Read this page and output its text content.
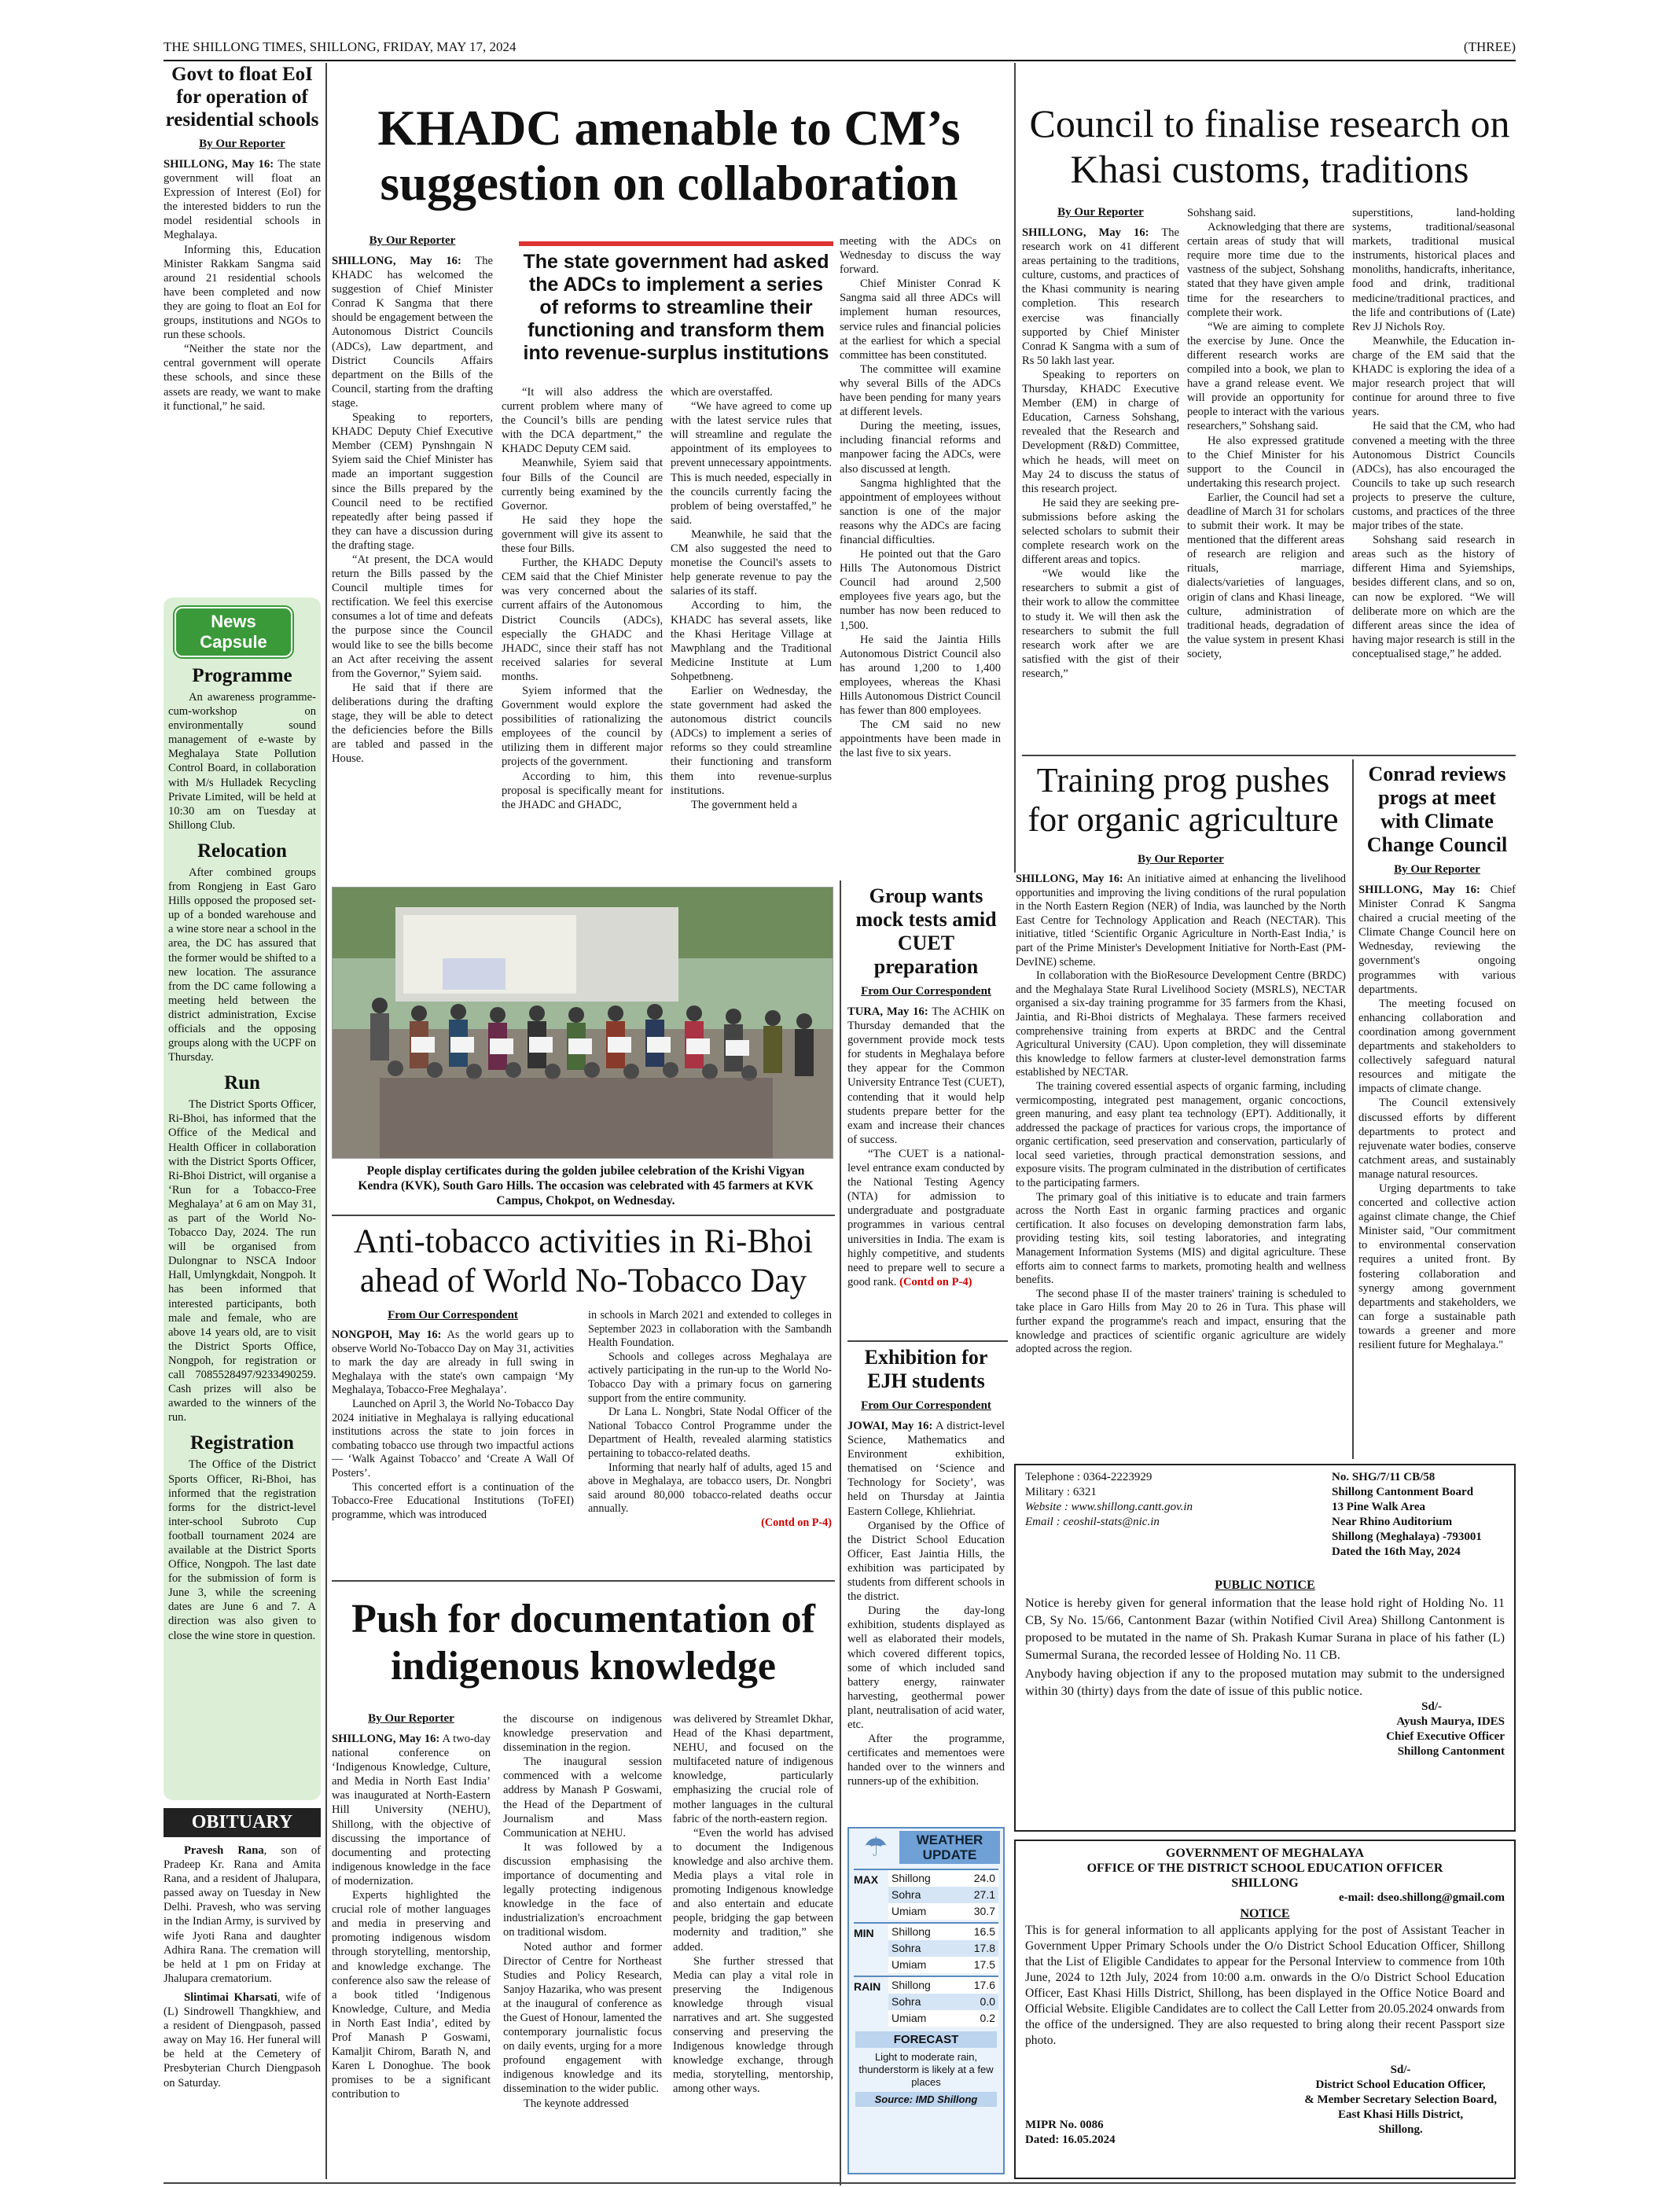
THE SHILLONG TIMES, SHILLONG, FRIDAY, MAY 17, 2024	(THREE)
Govt to float EoI for operation of residential schools
By Our Reporter

SHILLONG, May 16: The state government will float an Expression of Interest (EoI) for the interested bidders to run the model residential schools in Meghalaya.

Informing this, Education Minister Rakkam Sangma said around 21 residential schools have been completed and now they are going to float an EoI for groups, institutions and NGOs to run these schools.

“Neither the state nor the central government will operate these schools, and since these assets are ready, we want to make it functional,” he said.

News Capsule
Programme

An awareness programme-cum-workshop on environmentally sound management of e-waste by Meghalaya State Pollution Control Board, in collaboration with M/s Hulladek Recycling Private Limited, will be held at 10:30 am on Tuesday at Shillong Club.

Relocation

After combined groups from Rongjeng in East Garo Hills opposed the proposed set-up of a bonded warehouse and a wine store near a school in the area, the DC has assured that the former would be shifted to a new location. The assurance from the DC came following a meeting held between the district administration, Excise officials and the opposing groups along with the UCPF on Thursday.

Run

The District Sports Officer, Ri-Bhoi, has informed that the Office of the Medical and Health Officer in collaboration with the District Sports Officer, Ri-Bhoi District, will organise a ‘Run for a Tobacco-Free Meghalaya’ at 6 am on May 31, as part of the World No-Tobacco Day, 2024. The run will be organised from Dulongnar to NSCA Indoor Hall, Umlyngkdait, Nongpoh. It has been informed that interested participants, both male and female, who are above 14 years old, are to visit the District Sports Office, Nongpoh, for registration or call 7085528497/9233490259. Cash prizes will also be awarded to the winners of the run.

Registration

The Office of the District Sports Officer, Ri-Bhoi, has informed that the registration forms for the district-level inter-school Subroto Cup football tournament 2024 are available at the District Sports Office, Nongpoh. The last date for the submission of form is June 3, while the screening dates are June 6 and 7. A direction was also given to close the wine store in question.

OBITUARY

Pravesh Rana, son of Pradeep Kr. Rana and Amita Rana, and a resident of Jhalupara, passed away on Tuesday in New Delhi. Pravesh, who was serving in the Indian Army, is survived by wife Jyoti Rana and daughter Adhira Rana. The cremation will be held at 1 pm on Friday at Jhalupara crematorium.

Slintimai Kharsati, wife of (L) Sindrowell Thangkhiew, and a resident of Diengpasoh, passed away on May 16. Her funeral will be held at the Cemetery of Presbyterian Church Diengpasoh on Saturday.

KHADC amenable to CM’s suggestion on collaboration
By Our Reporter

SHILLONG, May 16: The KHADC has welcomed the suggestion of Chief Minister Conrad K Sangma that there should be engagement between the Autonomous District Councils (ADCs), Law department, and District Councils Affairs department on the Bills of the Council, starting from the drafting stage.

Speaking to reporters, KHADC Deputy Chief Executive Member (CEM) Pynshngain N Syiem said the Chief Minister has made an important suggestion since the Bills prepared by the Council need to be rectified repeatedly after being passed if they can have a discussion during the drafting stage.

“At present, the DCA would return the Bills passed by the Council multiple times for rectification. We feel this exercise consumes a lot of time and defeats the purpose since the Council would like to see the bills become an Act after receiving the assent from the Governor,” Syiem said.

He said that if there are deliberations during the drafting stage, they will be able to detect the deficiencies before the Bills are tabled and passed in the House.

The state government had asked the ADCs to implement a series of reforms to streamline their functioning and transform them into revenue-surplus institutions

“It will also address the current problem where many of the Council’s bills are pending with the DCA department,” the KHADC Deputy CEM said.

Meanwhile, Syiem said that four Bills of the Council are currently being examined by the Governor.

He said they hope the government will give its assent to these four Bills.

Further, the KHADC Deputy CEM said that the Chief Minister was very concerned about the current affairs of the Autonomous District Councils (ADCs), especially the GHADC and JHADC, since their staff has not received salaries for several months.

Syiem informed that the Government would explore the possibilities of rationalizing the employees of the council by utilizing them in different major projects of the government.

According to him, this proposal is specifically meant for the JHADC and GHADC,

which are overstaffed.

“We have agreed to come up with the latest service rules that will streamline and regulate the appointment of its employees to prevent unnecessary appointments. This is much needed, especially in the councils currently facing the problem of being overstaffed,” he said.

Meanwhile, he said that the CM also suggested the need to monetise the Council's assets to help generate revenue to pay the salaries of its staff.

According to him, the KHADC has several assets, like the Khasi Heritage Village at Mawphlang and the Traditional Medicine Institute at Lum Sohpetbneng.

Earlier on Wednesday, the state government had asked the autonomous district councils (ADCs) to implement a series of reforms so they could streamline their functioning and transform them into revenue-surplus institutions.

The government held a

meeting with the ADCs on Wednesday to discuss the way forward.

Chief Minister Conrad K Sangma said all three ADCs will implement human resources, service rules and financial policies at the earliest for which a special committee has been constituted.

The committee will examine why several Bills of the ADCs have been pending for many years at different levels.

During the meeting, issues, including financial reforms and manpower facing the ADCs, were also discussed at length.

Sangma highlighted that the appointment of employees without sanction is one of the major reasons why the ADCs are facing financial difficulties.

He pointed out that the Garo Hills The Autonomous District Council had around 2,500 employees five years ago, but the number has now been reduced to 1,500.

He said the Jaintia Hills Autonomous District Council also has around 1,200 to 1,400 employees, whereas the Khasi Hills Autonomous District Council has fewer than 800 employees.

The CM said no new appointments have been made in the last five to six years.

Council to finalise research on Khasi customs, traditions
By Our Reporter

SHILLONG, May 16: The research work on 41 different areas pertaining to the traditions, culture, customs, and practices of the Khasi community is nearing completion. This research exercise was financially supported by Chief Minister Conrad K Sangma with a sum of Rs 50 lakh last year.

Speaking to reporters on Thursday, KHADC Executive Member (EM) in charge of Education, Carness Sohshang, revealed that the Research and Development (R&D) Committee, which he heads, will meet on May 24 to discuss the status of this research project.

He said they are seeking pre-submissions before asking the selected scholars to submit their complete research work on the different areas and topics.

“We would like the researchers to submit a gist of their work to allow the committee to study it. We will then ask the researchers to submit the full research work after we are satisfied with the gist of their research,”

Sohshang said.

Acknowledging that there are certain areas of study that will require more time due to the vastness of the subject, Sohshang stated that they have given ample time for the researchers to complete their work.

“We are aiming to complete the exercise by June. Once the different research works are compiled into a book, we plan to have a grand release event. We will provide an opportunity for people to interact with the various researchers,” Sohshang said.

He also expressed gratitude to the Chief Minister for his support to the Council in undertaking this research project.

Earlier, the Council had set a deadline of March 31 for scholars to submit their work. It may be mentioned that the different areas of research are religion and rituals, marriage, dialects/varieties of languages, origin of clans and Khasi lineage, culture, administration of traditional heads, degradation of the value system in present Khasi society,

superstitions, land-holding systems, traditional/seasonal markets, traditional musical instruments, historical places and monoliths, handicrafts, inheritance, food and drink, traditional medicine/traditional practices, and the life and contributions of (Late) Rev JJ Nichols Roy.

Meanwhile, the Education in-charge of the EM said that the KHADC is exploring the idea of a major research project that will continue for around three to five years.

He said that the CM, who had convened a meeting with the three Autonomous District Councils (ADCs), has also encouraged the Councils to take up such research projects to preserve the culture, customs, and practices of the three major tribes of the state.

Sohshang said research in areas such as the history of different Hima and Syiemships, besides different clans, and so on, can now be explored. “We will deliberate more on which are the different areas since the idea of having major research is still in the conceptualised stage,” he added.

People display certificates during the golden jubilee celebration of the Krishi Vigyan Kendra (KVK), South Garo Hills. The occasion was celebrated with 45 farmers at KVK Campus, Chokpot, on Wednesday.
Group wants mock tests amid CUET preparation
From Our Correspondent

TURA, May 16: The ACHIK on Thursday demanded that the government provide mock tests for students in Meghalaya before they appear for the Common University Entrance Test (CUET), contending that it would help students prepare better for the exam and increase their chances of success.

“The CUET is a national-level entrance exam conducted by the National Testing Agency (NTA) for admission to undergraduate and postgraduate programmes in various central universities in India. The exam is highly competitive, and students need to prepare well to secure a good rank. (Contd on P-4)

Exhibition for EJH students
From Our Correspondent

JOWAI, May 16: A district-level Science, Mathematics and Environment exhibition, thematised on ‘Science and Technology for Society’, was held on Thursday at Jaintia Eastern College, Khliehriat.

Organised by the Office of the District School Education Officer, East Jaintia Hills, the exhibition was participated by students from different schools in the district.

During the day-long exhibition, students displayed as well as elaborated their models, which covered different topics, some of which included sand battery energy, rainwater harvesting, geothermal power plant, neutralisation of acid water, etc.

After the programme, certificates and mementoes were handed over to the winners and runners-up of the exhibition.

☂	WEATHER
UPDATE
MAX	Shillong	24.0
Sohra	27.1
Umiam	30.7
MIN	Shillong	16.5
Sohra	17.8
Umiam	17.5
RAIN Shillong	17.6
Sohra	0.0
Umiam	0.2
FORECAST
Light to moderate rain, thunderstorm is likely at a few places
Source: IMD Shillong
Training prog pushes for organic agriculture
By Our Reporter

SHILLONG, May 16: An initiative aimed at enhancing the livelihood opportunities and improving the living conditions of the rural population in the North Eastern Region (NER) of India, was launched by the North East Centre for Technology Application and Reach (NECTAR). This initiative, titled ‘Scientific Organic Agriculture in North-East India,’ is part of the Prime Minister's Development Initiative for North-East (PM-DevINE) scheme.

In collaboration with the BioResource Development Centre (BRDC) and the Meghalaya State Rural Livelihood Society (MSRLS), NECTAR organised a six-day training programme for 35 farmers from the Khasi, Jaintia, and Ri-Bhoi districts of Meghalaya. These farmers received comprehensive training from experts at BRDC and the Central Agricultural University (CAU). Upon completion, they will disseminate this knowledge to fellow farmers at cluster-level demonstration farms established by NECTAR.

The training covered essential aspects of organic farming, including vermicomposting, integrated pest management, organic concoctions, green manuring, and easy plant tea technology (EPT). Additionally, it addressed the package of practices for various crops, the importance of organic certification, seed preservation and conservation, particularly of local seed varieties, through practical demonstration sessions, and exposure visits. The program culminated in the distribution of certificates to the participating farmers.

The primary goal of this initiative is to educate and train farmers across the North East in organic farming practices and organic certification. It also focuses on developing demonstration farm labs, providing testing kits, soil testing laboratories, and integrating Management Information Systems (MIS) and digital agriculture. These efforts aim to connect farms to markets, promoting health and wellness benefits.

The second phase II of the master trainers' training is scheduled to take place in Garo Hills from May 20 to 26 in Tura. This phase will further expand the programme's reach and impact, ensuring that the knowledge and practices of scientific organic agriculture are widely adopted across the region.

Conrad reviews progs at meet with Climate Change Council
By Our Reporter

SHILLONG, May 16: Chief Minister Conrad K Sangma chaired a crucial meeting of the Climate Change Council here on Wednesday, reviewing the government's ongoing programmes with various departments.

The meeting focused on enhancing collaboration and coordination among government departments and stakeholders to collectively safeguard natural resources and mitigate the impacts of climate change.

The Council extensively discussed efforts by different departments to protect and rejuvenate water bodies, conserve catchment areas, and sustainably manage natural resources.

Urging departments to take concerted and collective action against climate change, the Chief Minister said, "Our commitment to environmental conservation requires a united front. By fostering collaboration and synergy among government departments and stakeholders, we can forge a sustainable path towards a greener and more resilient future for Meghalaya."

Anti-tobacco activities in Ri-Bhoi ahead of World No-Tobacco Day
From Our Correspondent

NONGPOH, May 16: As the world gears up to observe World No-Tobacco Day on May 31, activities to mark the day are already in full swing in Meghalaya with the state's own campaign ‘My Meghalaya, Tobacco-Free Meghalaya’.

Launched on April 3, the World No-Tobacco Day 2024 initiative in Meghalaya is rallying educational institutions across the state to join forces in combating tobacco use through two impactful actions — ‘Walk Against Tobacco’ and ‘Create A Wall Of Posters’.

This concerted effort is a continuation of the Tobacco-Free Educational Institutions (ToFEI) programme, which was introduced

in schools in March 2021 and extended to colleges in September 2023 in collaboration with the Sambandh Health Foundation.

Schools and colleges across Meghalaya are actively participating in the run-up to the World No-Tobacco Day with a primary focus on garnering support from the entire community.

Dr Lana L. Nongbri, State Nodal Officer of the National Tobacco Control Programme under the Department of Health, revealed alarming statistics pertaining to tobacco-related deaths.

Informing that nearly half of adults, aged 15 and above in Meghalaya, are tobacco users, Dr. Nongbri said around 80,000 tobacco-related deaths occur annually.

(Contd on P-4)
Push for documentation of indigenous knowledge
By Our Reporter

SHILLONG, May 16: A two-day national conference on ‘Indigenous Knowledge, Culture, and Media in North East India’ was inaugurated at North-Eastern Hill University (NEHU), Shillong, with the objective of discussing the importance of documenting and protecting indigenous knowledge in the face of modernization.

Experts highlighted the crucial role of mother languages and media in preserving and promoting indigenous wisdom through storytelling, mentorship, and knowledge exchange. The conference also saw the release of a book titled ‘Indigenous Knowledge, Culture, and Media in North East India’, edited by Prof Manash P Goswami, Kamaljit Chirom, Barath N, and Karen L Donoghue. The book promises to be a significant contribution to

the discourse on indigenous knowledge preservation and dissemination in the region.

The inaugural session commenced with a welcome address by Manash P Goswami, the Head of the Department of Journalism and Mass Communication at NEHU.

It was followed by a discussion emphasising the importance of documenting and legally protecting indigenous knowledge in the face of industrialization's encroachment on traditional wisdom.

Noted author and former Director of Centre for Northeast Studies and Policy Research, Sanjoy Hazarika, who was present at the inaugural of conference as the Guest of Honour, lamented the contemporary journalistic focus on daily events, urging for a more profound engagement with indigenous knowledge and its dissemination to the wider public.

The keynote addressed

was delivered by Streamlet Dkhar, Head of the Khasi department, NEHU, and focused on the multifaceted nature of indigenous knowledge, particularly emphasizing the crucial role of mother languages in the cultural fabric of the north-eastern region.

“Even the world has advised to document the Indigenous knowledge and also archive them. Media plays a vital role in promoting Indigenous knowledge and also entertain and educate people, bridging the gap between modernity and tradition,” she added.

She further stressed that Media can play a vital role in preserving the Indigenous knowledge through visual narratives and art. She suggested conserving and preserving the Indigenous knowledge through knowledge exchange, through media, storytelling, mentorship, among other ways.

Telephone : 0364-2223929
Military : 6321
Website : www.shillong.cantt.gov.in
Email : ceoshil-stats@nic.in
No. SHG/7/11 CB/58
Shillong Cantonment Board
13 Pine Walk Area
Near Rhino Auditorium
Shillong (Meghalaya) -793001
Dated the 16th May, 2024
PUBLIC NOTICE
Notice is hereby given for general information that the lease hold right of Holding No. 11 CB, Sy No. 15/66, Cantonment Bazar (within Notified Civil Area) Shillong Cantonment is proposed to be mutated in the name of Sh. Prakash Kumar Surana in place of his father (L) Sumermal Surana, the recorded lessee of Holding No. 11 CB.
Anybody having objection if any to the proposed mutation may submit to the undersigned within 30 (thirty) days from the date of issue of this public notice.
Sd/-
Ayush Maurya, IDES
Chief Executive Officer
Shillong Cantonment
GOVERNMENT OF MEGHALAYA
OFFICE OF THE DISTRICT SCHOOL EDUCATION OFFICER
SHILLONG
e-mail: dseo.shillong@gmail.com
NOTICE
This is for general information to all applicants applying for the post of Assistant Teacher in Government Upper Primary Schools under the O/o District School Education Officer, Shillong that the List of Eligible Candidates to appear for the Personal Interview to commence from 10th June, 2024 to 12th July, 2024 from 10:00 a.m. onwards in the O/o District School Education Officer, East Khasi Hills District, Shillong, has been displayed in the Office Notice Board and Official Website. Eligible Candidates are to collect the Call Letter from 20.05.2024 onwards from the office of the undersigned. They are also requested to bring along their recent Passport size photo.
Sd/-
District School Education Officer,
& Member Secretary Selection Board,
East Khasi Hills District,
Shillong.
MIPR No. 0086
Dated: 16.05.2024
